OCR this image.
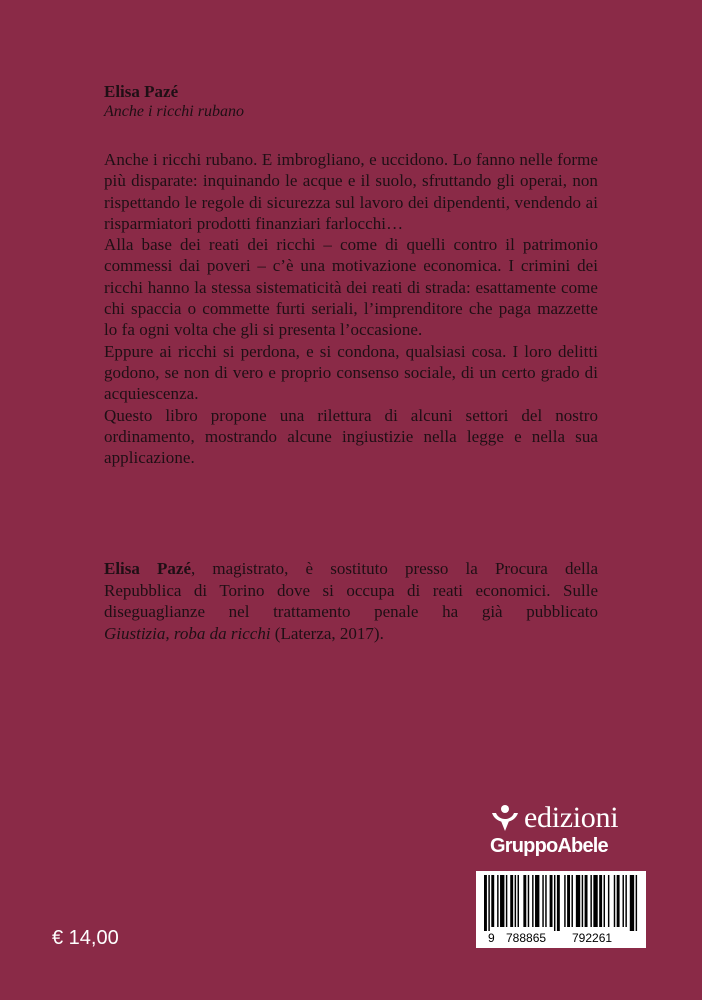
Elisa Pazé
Anche i ricchi rubano

Anche i ricchi rubano. E imbrogliano, e uccidono. Lo fanno nelle forme più disparate: inquinando le acque e il suolo, sfruttando gli operai, non rispettando le regole di sicurezza sul lavoro dei dipendenti, vendendo ai risparmiatori prodotti finanziari farlocchi…

Alla base dei reati dei ricchi – come di quelli contro il patrimonio commessi dai poveri – c’è una motivazione economica. I crimini dei ricchi hanno la stessa sistematicità dei reati di strada: esattamente come chi spaccia o commette furti seriali, l’imprenditore che paga mazzette lo fa ogni volta che gli si presenta l’occasione.

Eppure ai ricchi si perdona, e si condona, qualsiasi cosa. I loro delitti godono, se non di vero e proprio consenso sociale, di un certo grado di acquiescenza.

Questo libro propone una rilettura di alcuni settori del nostro ordinamento, mostrando alcune ingiustizie nella legge e nella sua applicazione.

Elisa Pazé, magistrato, è sostituto presso la Procura della
Repubblica di Torino dove si occupa di reati economici. Sulle
diseguaglianze nel trattamento penale ha già pubblicato
Giustizia, roba da ricchi (Laterza, 2017).
edizioni
GruppoAbele
9 788865 792261
€ 14,00
